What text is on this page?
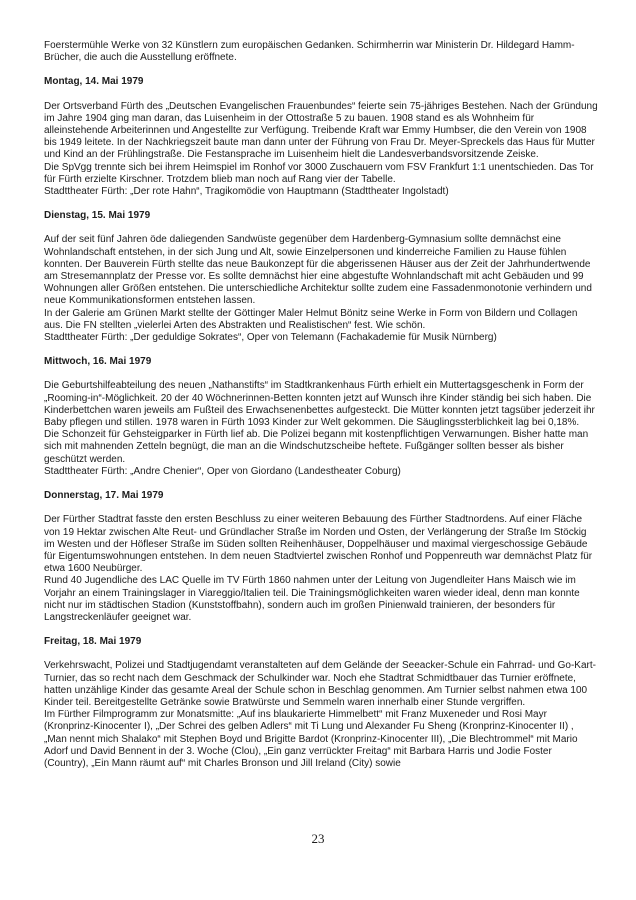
Foerstermühle Werke von 32 Künstlern zum europäischen Gedanken. Schirmherrin war Ministerin Dr. Hildegard Hamm-Brücher, die auch die Ausstellung eröffnete.

Montag, 14. Mai 1979
Der Ortsverband Fürth des „Deutschen Evangelischen Frauenbundes“ feierte sein 75-jähriges Bestehen. Nach der Gründung im Jahre 1904 ging man daran, das Luisenheim in der Ottostraße 5 zu bauen. 1908 stand es als Wohnheim für alleinstehende Arbeiterinnen und Angestellte zur Verfügung. Treibende Kraft war Emmy Humbser, die den Verein von 1908 bis 1949 leitete. In der Nachkriegszeit baute man dann unter der Führung von Frau Dr. Meyer-Spreckels das Haus für Mutter und Kind an der Frühlingstraße. Die Festansprache im Luisenheim hielt die Landesverbandsvorsitzende Zeiske.
Die SpVgg trennte sich bei ihrem Heimspiel im Ronhof vor 3000 Zuschauern vom FSV Frankfurt 1:1 unentschieden. Das Tor für Fürth erzielte Kirschner. Trotzdem blieb man noch auf Rang vier der Tabelle.
Stadttheater Fürth: „Der rote Hahn“, Tragikomödie von Hauptmann (Stadttheater Ingolstadt)
Dienstag, 15. Mai 1979
Auf der seit fünf Jahren öde daliegenden Sandwüste gegenüber dem Hardenberg-Gymnasium sollte demnächst eine Wohnlandschaft entstehen, in der sich Jung und Alt, sowie Einzelpersonen und kinderreiche Familien zu Hause fühlen konnten. Der Bauverein Fürth stellte das neue Baukonzept für die abgerissenen Häuser aus der Zeit der Jahrhundertwende am Stresemannplatz der Presse vor. Es sollte demnächst hier eine abgestufte Wohnlandschaft mit acht Gebäuden und 99 Wohnungen aller Größen entstehen. Die unterschiedliche Architektur sollte zudem eine Fassadenmonotonie verhindern und neue Kommunikationsformen entstehen lassen.
In der Galerie am Grünen Markt stellte der Göttinger Maler Helmut Bönitz seine Werke in Form von Bildern und Collagen aus. Die FN stellten „vielerlei Arten des Abstrakten und Realistischen“ fest. Wie schön.
Stadttheater Fürth: „Der geduldige Sokrates“, Oper von Telemann (Fachakademie für Musik Nürnberg)
Mittwoch, 16. Mai 1979
Die Geburtshilfeabteilung des neuen „Nathanstifts“ im Stadtkrankenhaus Fürth erhielt ein Muttertagsgeschenk in Form der „Rooming-in“-Möglichkeit. 20 der 40 Wöchnerinnen-Betten konnten jetzt auf Wunsch ihre Kinder ständig bei sich haben. Die Kinderbettchen waren jeweils am Fußteil des Erwachsenenbettes aufgesteckt. Die Mütter konnten jetzt tagsüber jederzeit ihr Baby pflegen und stillen. 1978 waren in Fürth 1093 Kinder zur Welt gekommen. Die Säuglingssterblichkeit lag bei 0,18%.
Die Schonzeit für Gehsteigparker in Fürth lief ab. Die Polizei begann mit kostenpflichtigen Verwarnungen. Bisher hatte man sich mit mahnenden Zetteln begnügt, die man an die Windschutzscheibe heftete. Fußgänger sollten besser als bisher geschützt werden.
Stadttheater Fürth: „Andre Chenier“, Oper von Giordano (Landestheater Coburg)
Donnerstag, 17. Mai 1979
Der Fürther Stadtrat fasste den ersten Beschluss zu einer weiteren Bebauung des Fürther Stadtnordens. Auf einer Fläche von 19 Hektar zwischen Alte Reut- und Gründlacher Straße im Norden und Osten, der Verlängerung der Straße Im Stöckig im Westen und der Höfleser Straße im Süden sollten Reihenhäuser, Doppelhäuser und maximal viergeschossige Gebäude für Eigentumswohnungen entstehen. In dem neuen Stadtviertel zwischen Ronhof und Poppenreuth war demnächst Platz für etwa 1600 Neubürger.
Rund 40 Jugendliche des LAC Quelle im TV Fürth 1860 nahmen unter der Leitung von Jugendleiter Hans Maisch wie im Vorjahr an einem Trainingslager in Viareggio/Italien teil. Die Trainingsmöglichkeiten waren wieder ideal, denn man konnte nicht nur im städtischen Stadion (Kunststoffbahn), sondern auch im großen Pinienwald trainieren, der besonders für Langstreckenläufer geeignet war.
Freitag, 18. Mai 1979
Verkehrswacht, Polizei und Stadtjugendamt veranstalteten auf dem Gelände der Seeacker-Schule ein Fahrrad- und Go-Kart-Turnier, das so recht nach dem Geschmack der Schulkinder war. Noch ehe Stadtrat Schmidtbauer das Turnier eröffnete, hatten unzählige Kinder das gesamte Areal der Schule schon in Beschlag genommen. Am Turnier selbst nahmen etwa 100 Kinder teil. Bereitgestellte Getränke sowie Bratwürste und Semmeln waren innerhalb einer Stunde vergriffen.
Im Fürther Filmprogramm zur Monatsmitte: „Auf ins blaukarierte Himmelbett“ mit Franz Muxeneder und Rosi Mayr (Kronprinz-Kinocenter I), „Der Schrei des gelben Adlers“ mit Ti Lung und Alexander Fu Sheng (Kronprinz-Kinocenter II) , „Man nennt mich Shalako“ mit Stephen Boyd und Brigitte Bardot (Kronprinz-Kinocenter III), „Die Blechtrommel“ mit Mario Adorf und David Bennent in der 3. Woche (Clou), „Ein ganz verrückter Freitag“ mit Barbara Harris und Jodie Foster (Country), „Ein Mann räumt auf“ mit Charles Bronson und Jill Ireland (City) sowie
23
